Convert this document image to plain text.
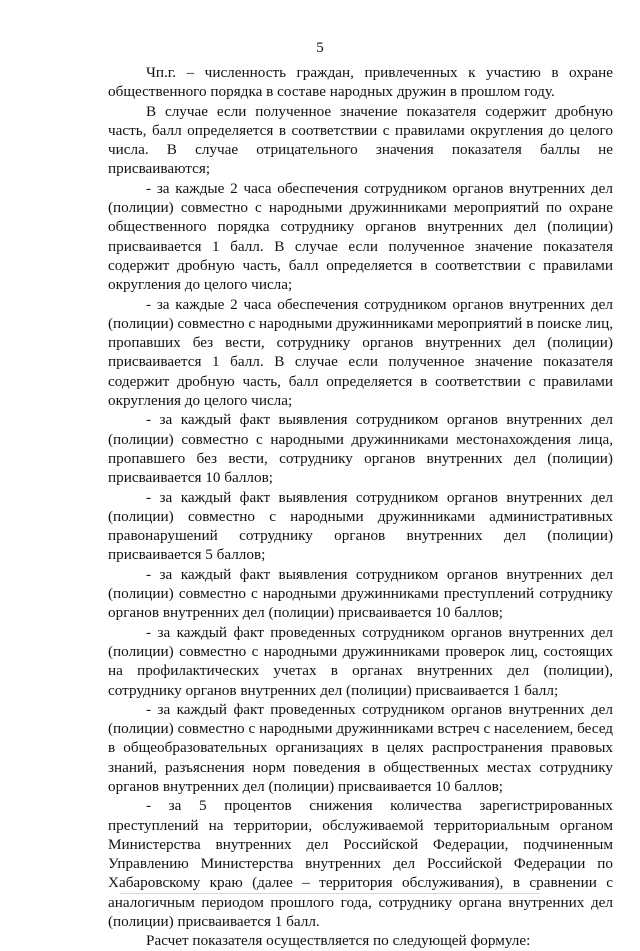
5

Чп.г. – численность граждан, привлеченных к участию в охране общественного порядка в составе народных дружин в прошлом году.

В случае если полученное значение показателя содержит дробную часть, балл определяется в соответствии с правилами округления до целого числа. В случае отрицательного значения показателя баллы не присваиваются;

- за каждые 2 часа обеспечения сотрудником органов внутренних дел (полиции) совместно с народными дружинниками мероприятий по охране общественного порядка сотруднику органов внутренних дел (полиции) присваивается 1 балл. В случае если полученное значение показателя содержит дробную часть, балл определяется в соответствии с правилами округления до целого числа;

- за каждые 2 часа обеспечения сотрудником органов внутренних дел (полиции) совместно с народными дружинниками мероприятий в поиске лиц, пропавших без вести, сотруднику органов внутренних дел (полиции) присваивается 1 балл. В случае если полученное значение показателя содержит дробную часть, балл определяется в соответствии с правилами округления до целого числа;

- за каждый факт выявления сотрудником органов внутренних дел (полиции) совместно с народными дружинниками местонахождения лица, пропавшего без вести, сотруднику органов внутренних дел (полиции) присваивается 10 баллов;

- за каждый факт выявления сотрудником органов внутренних дел (полиции) совместно с народными дружинниками административных правонарушений сотруднику органов внутренних дел (полиции) присваивается 5 баллов;

- за каждый факт выявления сотрудником органов внутренних дел (полиции) совместно с народными дружинниками преступлений сотруднику органов внутренних дел (полиции) присваивается 10 баллов;

- за каждый факт проведенных сотрудником органов внутренних дел (полиции) совместно с народными дружинниками проверок лиц, состоящих на профилактических учетах в органах внутренних дел (полиции), сотруднику органов внутренних дел (полиции) присваивается 1 балл;

- за каждый факт проведенных сотрудником органов внутренних дел (полиции) совместно с народными дружинниками встреч с населением, бесед в общеобразовательных организациях в целях распространения правовых знаний, разъяснения норм поведения в общественных местах сотруднику органов внутренних дел (полиции) присваивается 10 баллов;

- за 5 процентов снижения количества зарегистрированных преступлений на территории, обслуживаемой территориальным органом Министерства внутренних дел Российской Федерации, подчиненным Управлению Министерства внутренних дел Российской Федерации по Хабаровскому краю (далее – территория обслуживания), в сравнении с аналогичным периодом прошлого года, сотруднику органа внутренних дел (полиции) присваивается 1 балл.

Расчет показателя осуществляется по следующей формуле:
